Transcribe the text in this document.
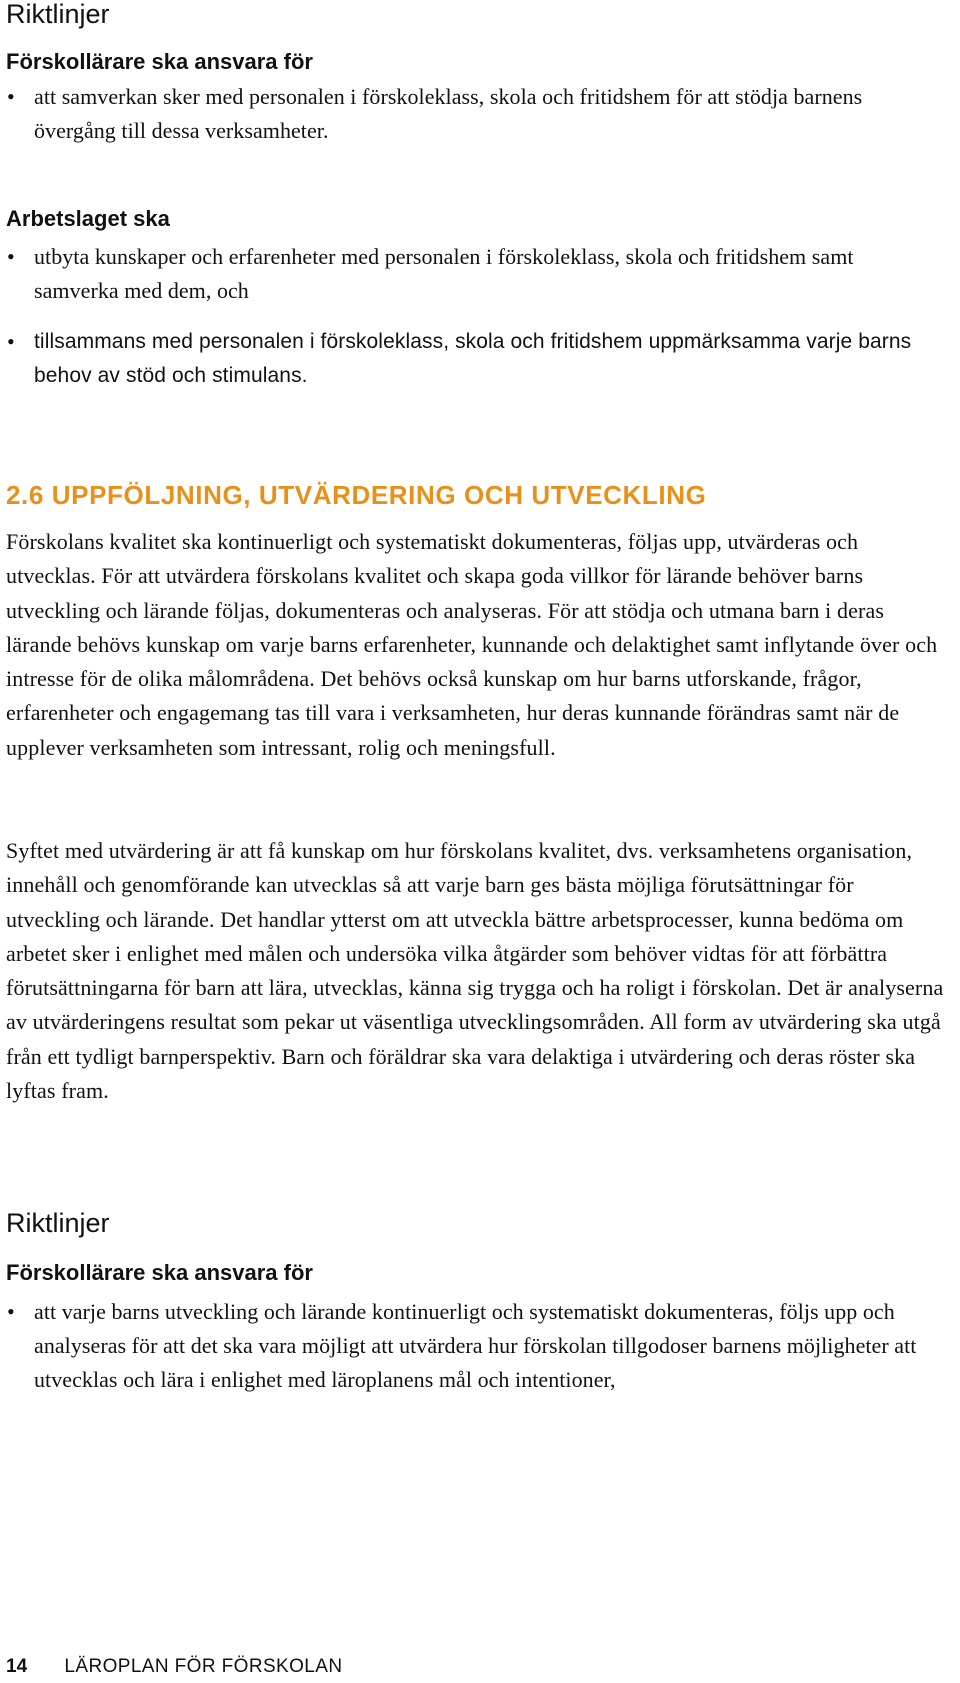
Riktlinjer
Förskollärare ska ansvara för
• att samverkan sker med personalen i förskoleklass, skola och fritidshem för att stödja barnens övergång till dessa verksamheter.
Arbetslaget ska
• utbyta kunskaper och erfarenheter med personalen i förskoleklass, skola och fritidshem samt samverka med dem, och
• tillsammans med personalen i förskoleklass, skola och fritidshem uppmärksamma varje barns behov av stöd och stimulans.
2.6 UPPFÖLJNING, UTVÄRDERING OCH UTVECKLING

Förskolans kvalitet ska kontinuerligt och systematiskt dokumenteras, följas upp, utvärderas och utvecklas. För att utvärdera förskolans kvalitet och skapa goda villkor för lärande behöver barns utveckling och lärande följas, dokumenteras och analyseras. För att stödja och utmana barn i deras lärande behövs kunskap om varje barns erfarenheter, kunnande och delaktighet samt inflytande över och intresse för de olika målområdena. Det behövs också kunskap om hur barns utforskande, frågor, erfarenheter och engagemang tas till vara i verksamheten, hur deras kunnande förändras samt när de upplever verksamheten som intressant, rolig och meningsfull.

Syftet med utvärdering är att få kunskap om hur förskolans kvalitet, dvs. verksamhetens organisation, innehåll och genomförande kan utvecklas så att varje barn ges bästa möjliga förutsättningar för utveckling och lärande. Det handlar ytterst om att utveckla bättre arbetsprocesser, kunna bedöma om arbetet sker i enlighet med målen och undersöka vilka åtgärder som behöver vidtas för att förbättra förutsättningarna för barn att lära, utvecklas, känna sig trygga och ha roligt i förskolan. Det är analyserna av utvärderingens resultat som pekar ut väsentliga utvecklingsområden. All form av utvärdering ska utgå från ett tydligt barnperspektiv. Barn och föräldrar ska vara delaktiga i utvärdering och deras röster ska lyftas fram.

Riktlinjer
Förskollärare ska ansvara för
• att varje barns utveckling och lärande kontinuerligt och systematiskt dokumenteras, följs upp och analyseras för att det ska vara möjligt att utvärdera hur förskolan tillgodoser barnens möjligheter att utvecklas och lära i enlighet med läroplanens mål och intentioner,
14 LÄROPLAN FÖR FÖRSKOLAN
